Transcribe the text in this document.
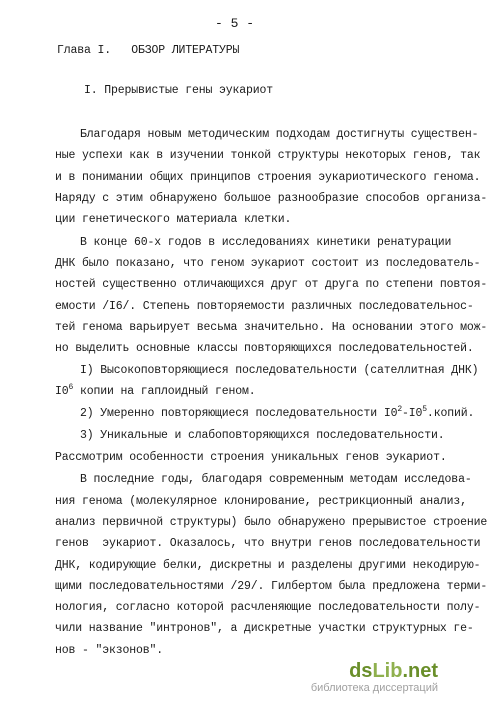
- 5 -
Глава I.   ОБЗОР ЛИТЕРАТУРЫ
I. Прерывистые гены эукариот
Благодаря новым методическим подходам достигнуты существен-
ные успехи как в изучении тонкой структуры некоторых генов, так
и в понимании общих принципов строения эукариотического генома.
Наряду с этим обнаружено большое разнообразие способов организа-
ции генетического материала клетки.
В конце 60-х годов в исследованиях кинетики ренатурации
ДНК было показано, что геном эукариот состоит из последователь-
ностей существенно отличающихся друг от друга по степени повтоя-
емости /I6/. Степень повторяемости различных последовательнос-
тей генома варьирует весьма значительно. На основании этого мож-
но выделить основные классы повторяющихся последовательностей.
I) Высокоповторяющиеся последовательности (сателлитная ДНК)
$I0^6$ копии на гаплоидный геном.
2) Умеренно повторяющиеся последовательности $I0^2-I0^5.копий$.
3) Уникальные и слабоповторяющихся последовательности.
Рассмотрим особенности строения уникальных генов эукариот.
В последние годы, благодаря современным методам исследова-
ния генома (молекулярное клонирование, рестрикционный анализ,
анализ первичной структуры) было обнаружено прерывистое строение
генов  эукариот. Оказалось, что внутри генов последовательности
ДНК, кодирующие белки, дискретны и разделены другими некодирую-
щими последовательностями /29/. Гилбертом была предложена терми-
нология, согласно которой расчленяющие последовательности полу-
чили название "интронов", а дискретные участки структурных ге-
нов - "экзонов".
dsLib.net
библиотека диссертаций
